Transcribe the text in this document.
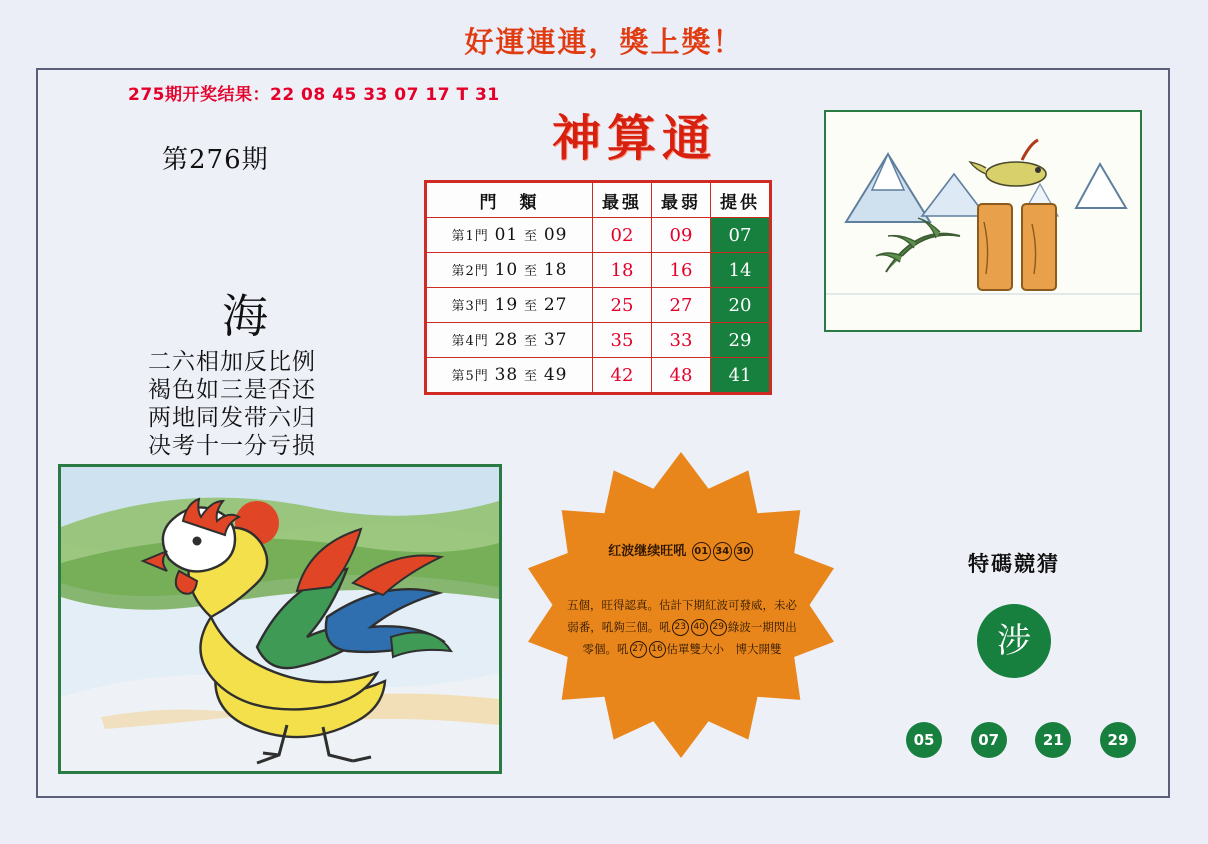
好運連連，獎上獎！
275期开奖结果：22 08 45 33 07 17 T 31
第276期	神算通
海
二六相加反比例
褐色如三是否还
两地同发带六归
决考十一分亏损
門　類	最强	最弱	提供
第1門 01 至 09	02	09	07
第2門 10 至 18	18	16	14
第3門 19 至 27	25	27	20
第4門 28 至 37	35	33	29
第5門 38 至 49	42	48	41
红波继续旺吼 01 34 30
五個，旺得認真。估計下期紅波可發威，未必
弱番，吼夠三個。吼 23 40 29 綠波一期閃出
零個。吼 27 16 估單雙大小　博大開雙
特碼競猜
涉
05	07	21	29
